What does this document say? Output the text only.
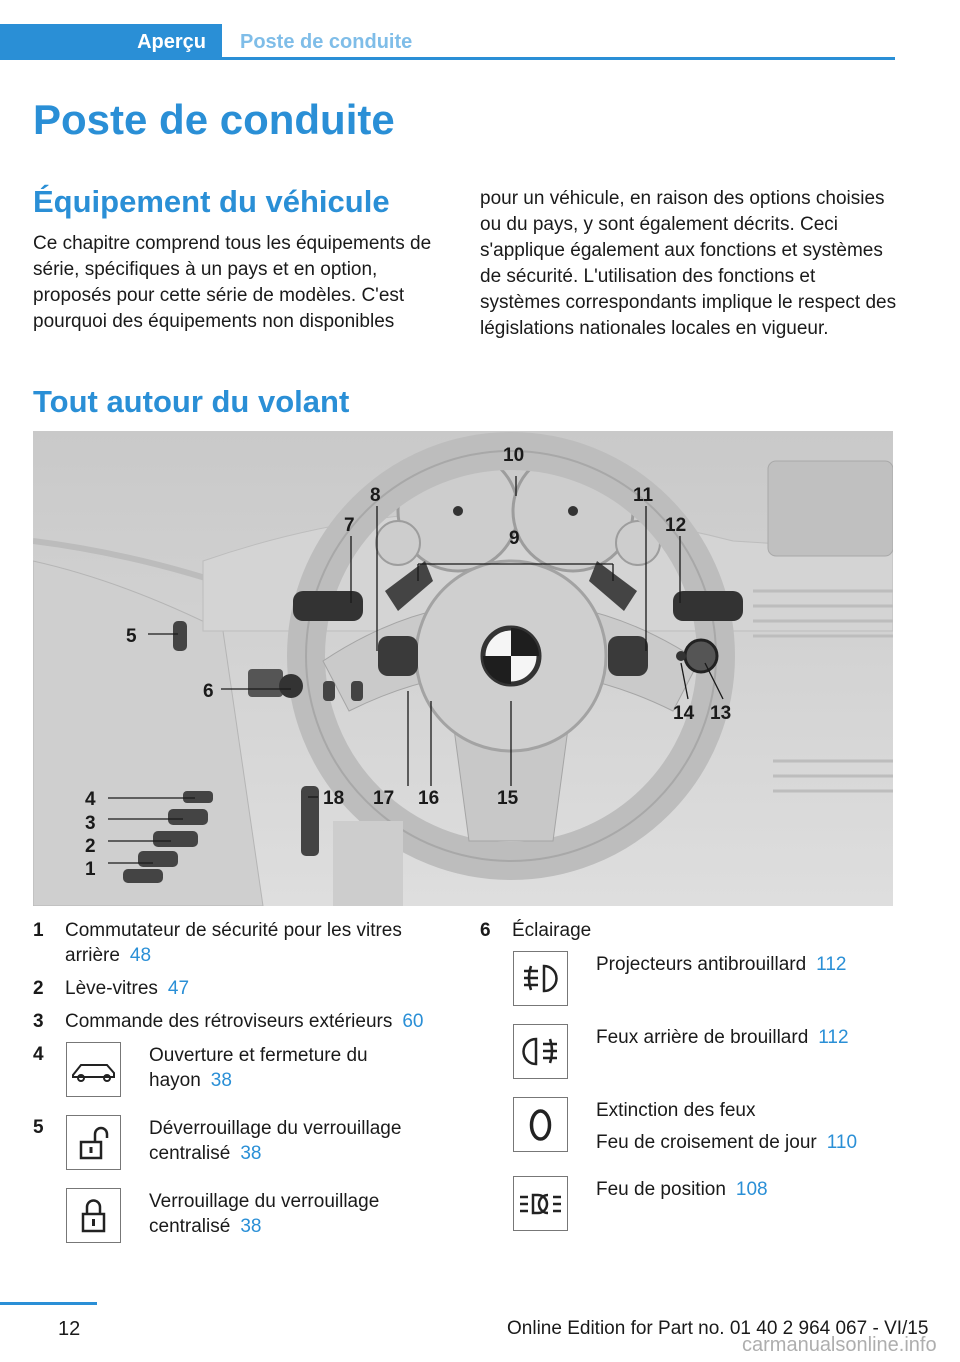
Aperçu	Poste de conduite
Poste de conduite
Équipement du véhicule

Ce chapitre comprend tous les équipements de série, spécifiques à un pays et en option, proposés pour cette série de modèles. C'est pourquoi des équipements non disponibles

pour un véhicule, en raison des options choisies ou du pays, y sont également décrits. Ceci s'applique également aux fonctions et systèmes de sécurité. L'utilisation des fonctions et systèmes correspondants implique le respect des législations nationales locales en vigueur.

Tout autour du volant
1
2
3
4
5
6
7
8
9
10
11
12
13
14
15
16
17
18
1 Commutateur de sécurité pour les vitres arrière 48
2 Lève-vitres 47
3 Commande des rétroviseurs extérieurs 60
4	Ouverture et fermeture du hayon 38
5	Déverrouillage du verrouillage centralisé 38
Verrouillage du verrouillage centralisé 38
6 Éclairage
Projecteurs antibrouillard 112
Feux arrière de brouillard 112
Extinction des feux
Feu de croisement de jour 110
Feu de position 108
12	Online Edition for Part no. 01 40 2 964 067 - VI/15
carmanualsonline.info
